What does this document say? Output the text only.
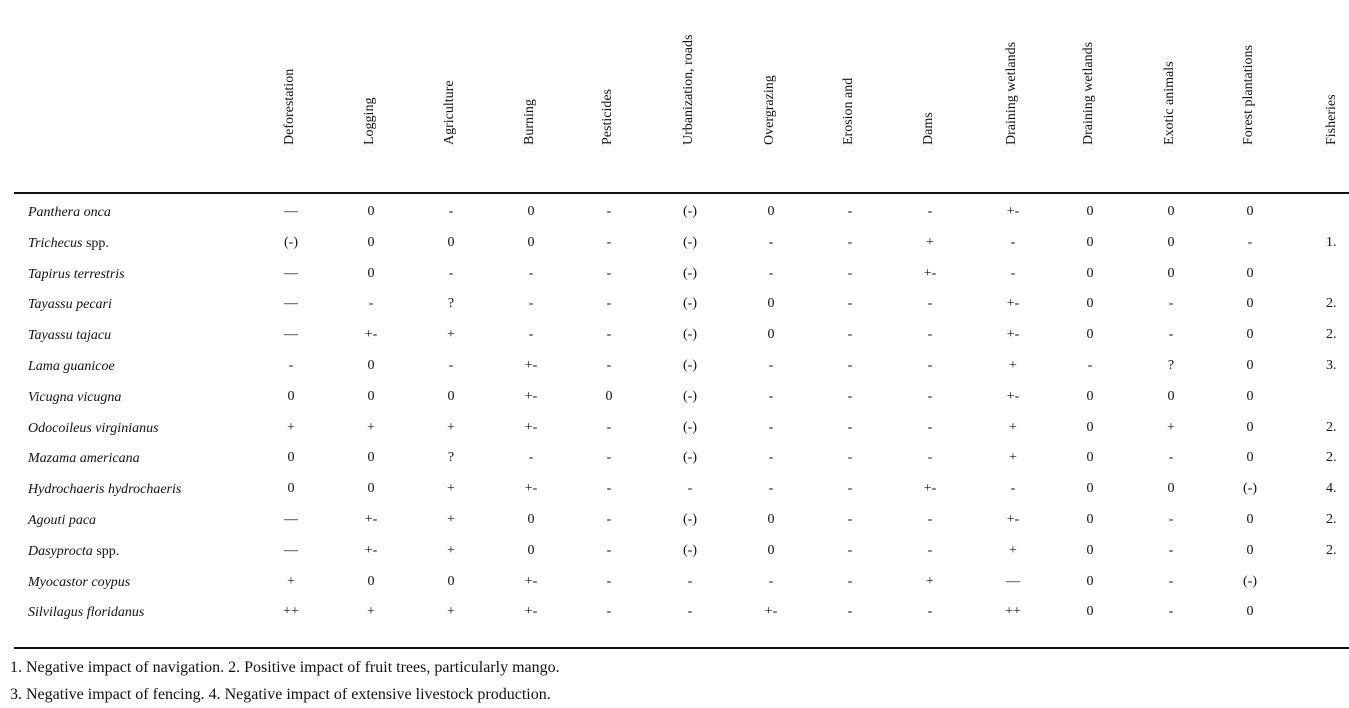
Deforestation	Logging	Agriculture	Burning	Pesticides	Urbanization, roads	Overgrazing	Erosion and	Dams	Draining wetlands	Draining wetlands	Exotic animals	Forest plantations	Fisheries
Panthera onca	—	0	-	0	-	(-)	0	-	-	+-	0	0	0
Trichecus spp.	(-)	0	0	0	-	(-)	-	-	+	-	0	0	-	1.
Tapirus terrestris	—	0	-	-	-	(-)	-	-	+-	-	0	0	0
Tayassu pecari	—	-	?	-	-	(-)	0	-	-	+-	0	-	0	2.
Tayassu tajacu	—	+-	+	-	-	(-)	0	-	-	+-	0	-	0	2.
Lama guanicoe	-	0	-	+-	-	(-)	-	-	-	+	-	?	0	3.
Vicugna vicugna	0	0	0	+-	0	(-)	-	-	-	+-	0	0	0
Odocoileus virginianus	+	+	+	+-	-	(-)	-	-	-	+	0	+	0	2.
Mazama americana	0	0	?	-	-	(-)	-	-	-	+	0	-	0	2.
Hydrochaeris hydrochaeris	0	0	+	+-	-	-	-	-	+-	-	0	0	(-)	4.
Agouti paca	—	+-	+	0	-	(-)	0	-	-	+-	0	-	0	2.
Dasyprocta spp.	—	+-	+	0	-	(-)	0	-	-	+	0	-	0	2.
Myocastor coypus	+	0	0	+-	-	-	-	-	+	—	0	-	(-)
Silvilagus floridanus	++	+	+	+-	-	-	+-	-	-	++	0	-	0
1. Negative impact of navigation. 2. Positive impact of fruit trees, particularly mango.
3. Negative impact of fencing. 4. Negative impact of extensive livestock production.
